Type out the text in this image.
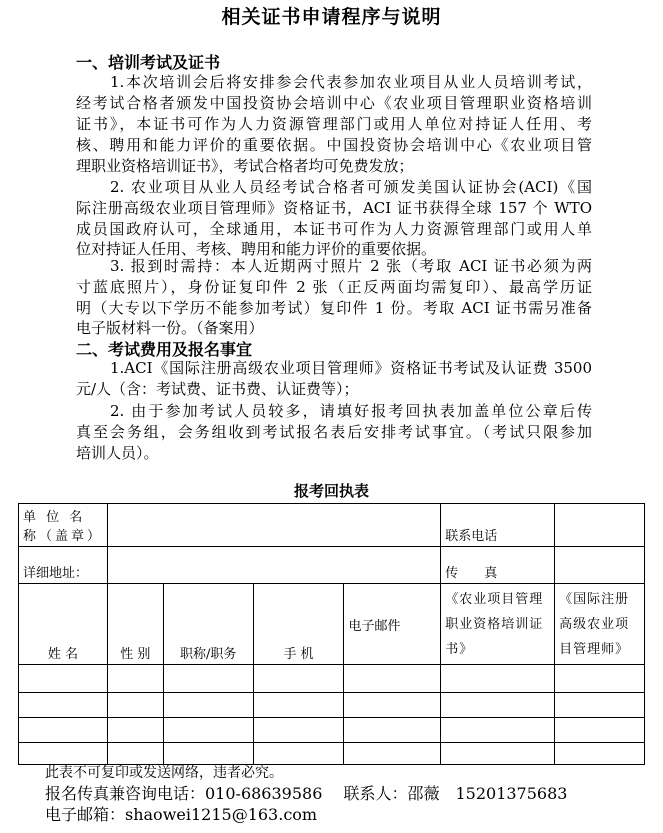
相关证书申请程序与说明
一、培训考试及证书
1.本次培训会后将安排参会代表参加农业项目从业人员培训考试，
经考试合格者颁发中国投资协会培训中心《农业项目管理职业资格培训
证书》，本证书可作为人力资源管理部门或用人单位对持证人任用、考
核、聘用和能力评价的重要依据。中国投资协会培训中心《农业项目管
理职业资格培训证书》，考试合格者均可免费发放；
2. 农业项目从业人员经考试合格者可颁发美国认证协会(ACI)《国
际注册高级农业项目管理师》资格证书，ACI 证书获得全球 157 个 WTO
成员国政府认可，全球通用，本证书可作为人力资源管理部门或用人单
位对持证人任用、考核、聘用和能力评价的重要依据。
3. 报到时需持：本人近期两寸照片 2 张（考取 ACI 证书必须为两
寸蓝底照片），身份证复印件 2 张（正反两面均需复印）、最高学历证
明（大专以下学历不能参加考试）复印件 1 份。考取 ACI 证书需另准备
电子版材料一份。（备案用）
二、考试费用及报名事宜
1.ACI《国际注册高级农业项目管理师》资格证书考试及认证费 3500
元/人（含：考试费、证书费、认证费等）；
2. 由于参加考试人员较多，请填好报考回执表加盖单位公章后传
真至会务组，会务组收到考试报名表后安排考试事宜。（考试只限参加
培训人员）。
报考回执表
单 位 名 称（盖章）					联系电话	
详细地址：					传　　真	
姓 名	性 别	职称/职务	手 机	电子邮件	《农业项目管理职业资格培训证书》	《国际注册高级农业项目管理师》

此表不可复印或发送网络，违者必究。
报名传真兼咨询电话：010-68639586　 联系人：邵薇　15201375683
电子邮箱：shaowei1215@163.com
